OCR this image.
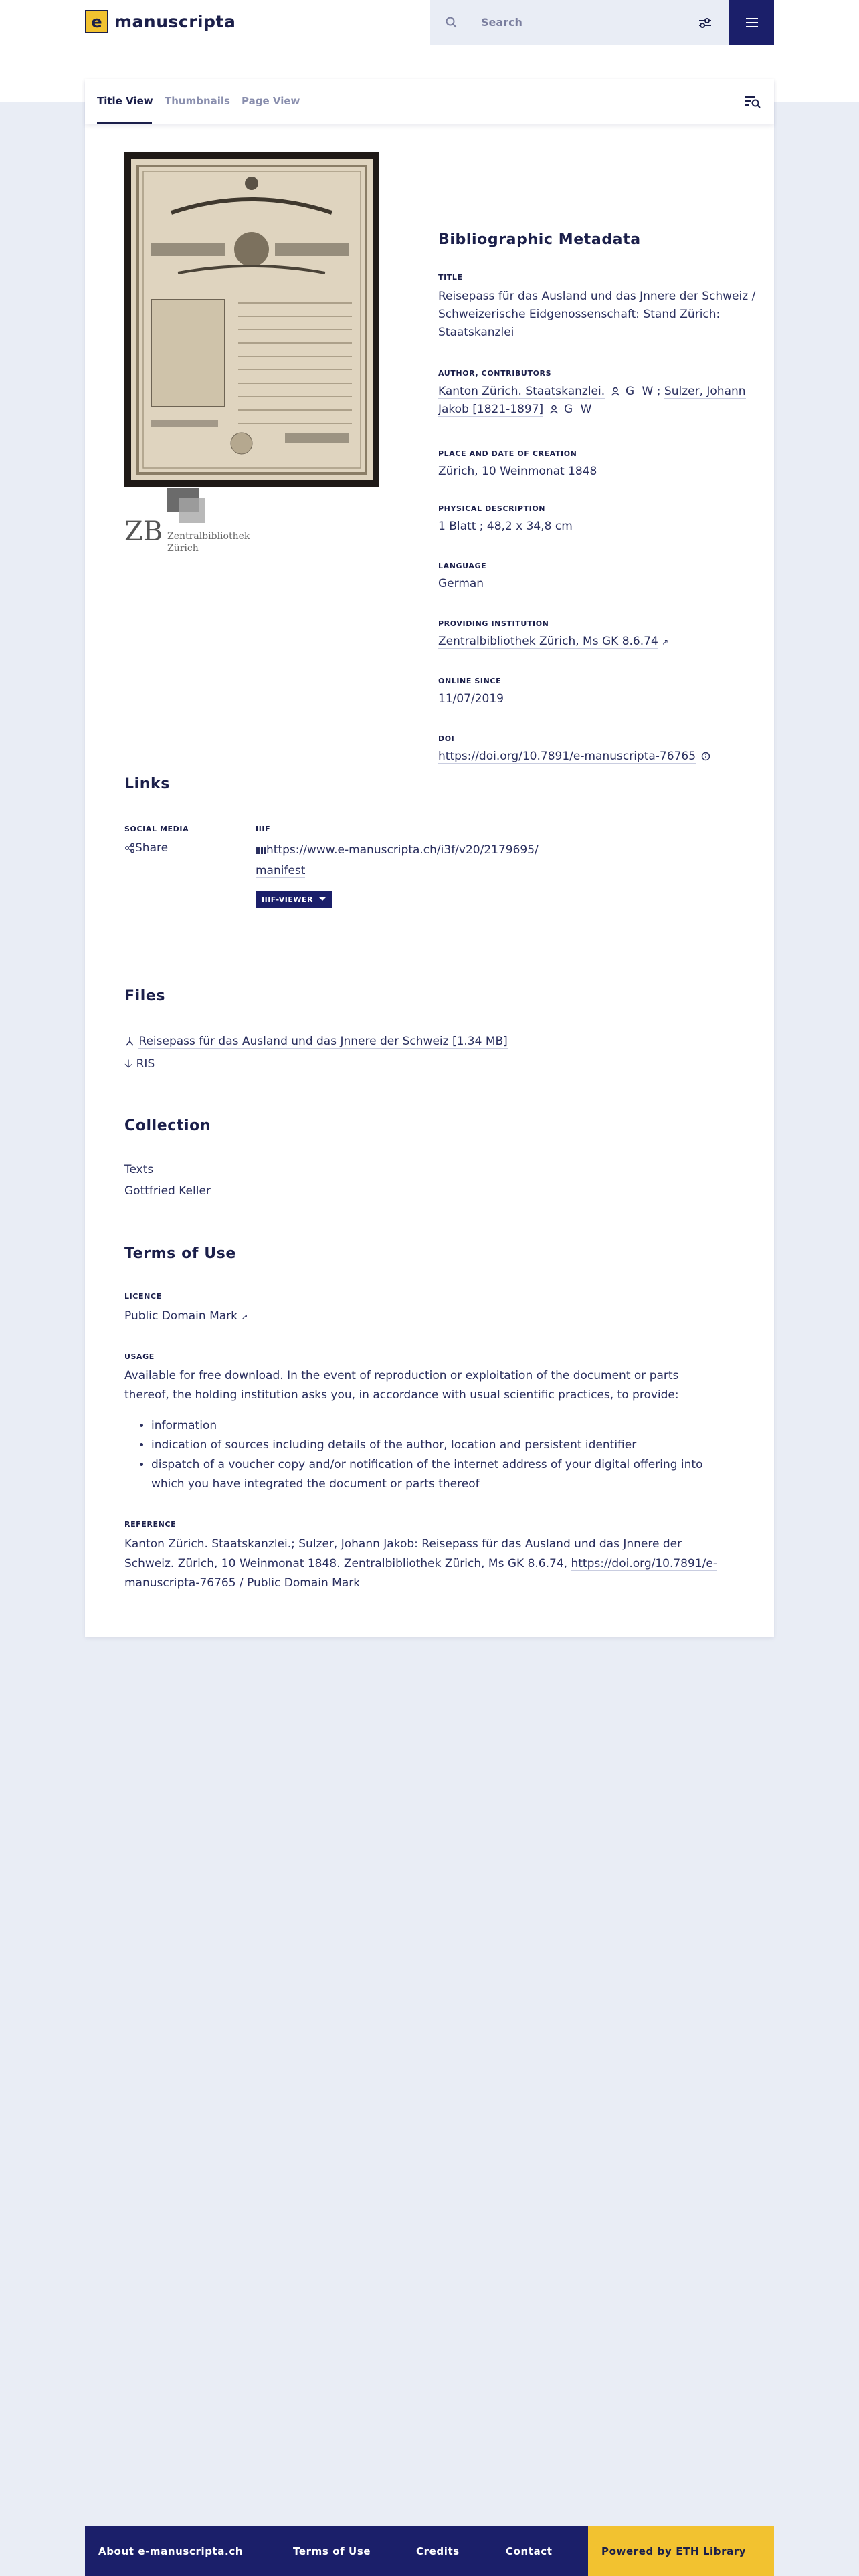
e manuscripta
Search
Title View Thumbnails Page View
ZB Zentralbibliothek
Zürich
Bibliographic Metadata
TITLE
Reisepass für das Ausland und das Jnnere der Schweiz / Schweizerische Eidgenossenschaft: Stand Zürich: Staatskanzlei
AUTHOR, CONTRIBUTORS
Kanton Zürich. Staatskanzlei. G W ; Sulzer, Johann Jakob [1821-1897] G W
PLACE AND DATE OF CREATION
Zürich, 10 Weinmonat 1848
PHYSICAL DESCRIPTION
1 Blatt ; 48,2 x 34,8 cm
LANGUAGE
German
PROVIDING INSTITUTION
Zentralbibliothek Zürich, Ms GK 8.6.74 ↗
ONLINE SINCE
11/07/2019
DOI
https://doi.org/10.7891/e-manuscripta-76765
Links
SOCIAL MEDIA
Share
IIIF
https://www.e-manuscripta.ch/i3f/v20/2179695/
manifest
IIIF-VIEWER
Files
Reisepass für das Ausland und das Jnnere der Schweiz [1.34 MB]
🡣 RIS
Collection
Texts
Gottfried Keller
Terms of Use
LICENCE
Public Domain Mark ↗
USAGE
Available for free download. In the event of reproduction or exploitation of the document or parts
thereof, the holding institution asks you, in accordance with usual scientific practices, to provide:
• information
• indication of sources including details of the author, location and persistent identifier
• dispatch of a voucher copy and/or notification of the internet address of your digital offering into which you have integrated the document or parts thereof
REFERENCE
Kanton Zürich. Staatskanzlei.; Sulzer, Johann Jakob: Reisepass für das Ausland und das Jnnere der
Schweiz. Zürich, 10 Weinmonat 1848. Zentralbibliothek Zürich, Ms GK 8.6.74, https://doi.org/10.7891/e-
manuscripta-76765 / Public Domain Mark
About e-manuscripta.ch	Terms of Use	Credits	Contact	Powered by ETH Library
